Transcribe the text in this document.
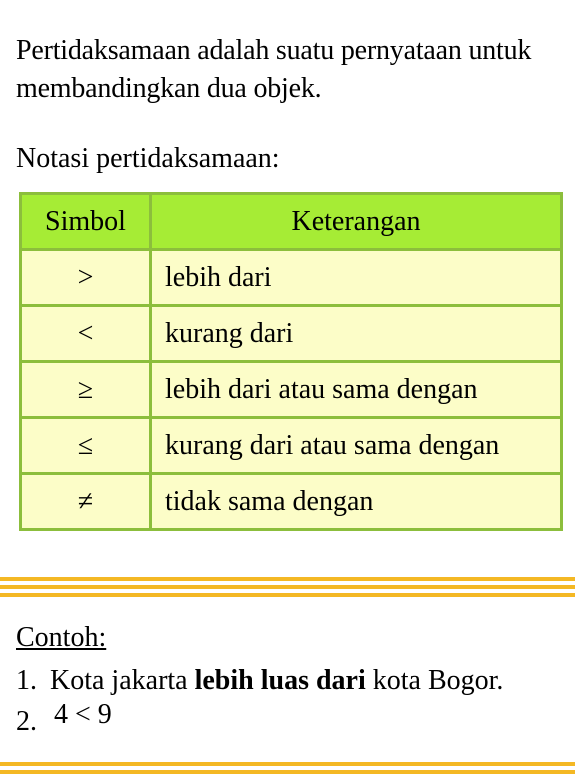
Pertidaksamaan adalah suatu pernyataan untuk membandingkan dua objek.
Notasi pertidaksamaan:
Simbol	Keterangan
>	lebih dari
<	kurang dari
≥	lebih dari atau sama dengan
≤	kurang dari atau sama dengan
≠	tidak sama dengan
Contoh:
1. Kota jakarta lebih luas dari kota Bogor.
2. 4 < 9
